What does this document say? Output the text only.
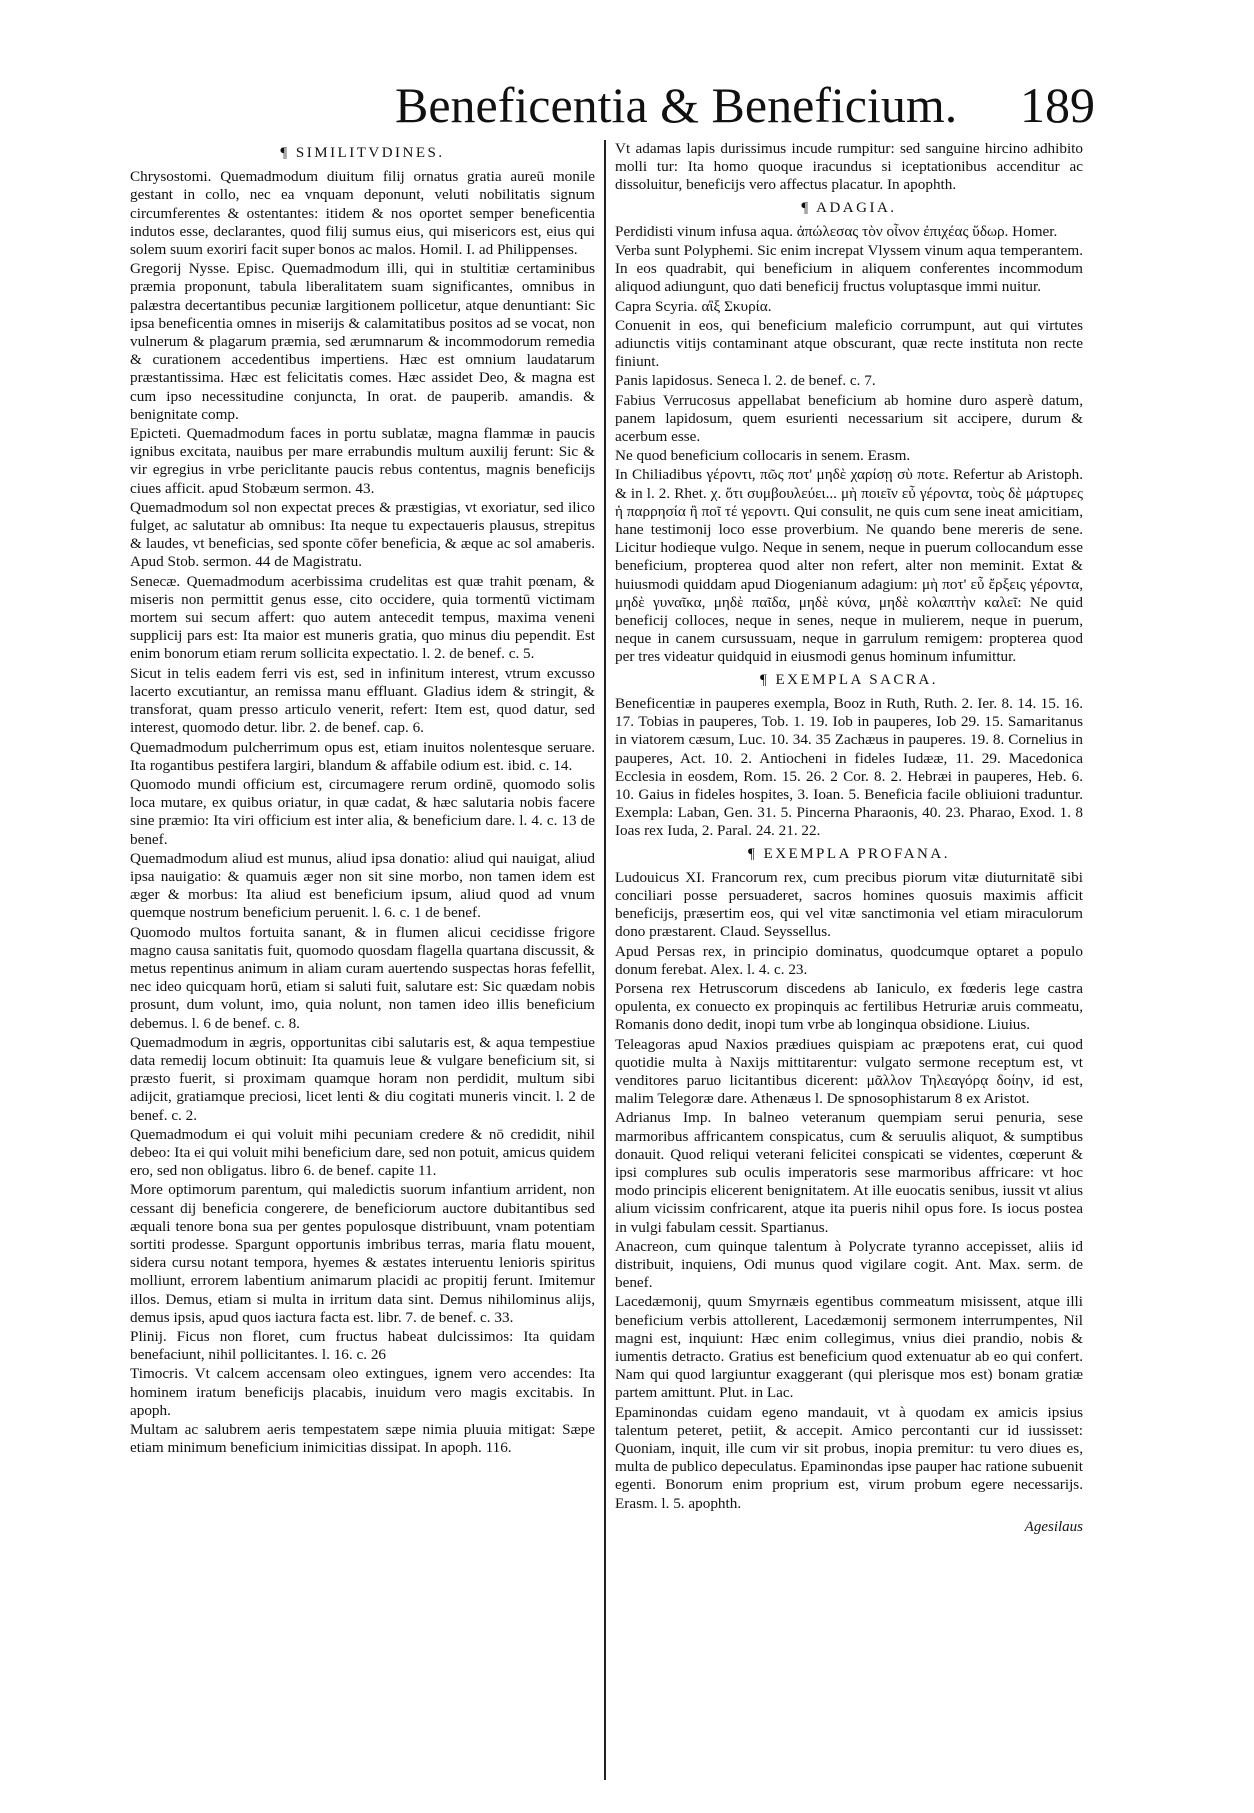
Beneficentia & Beneficium. 189
¶ SIMILITVDINES.
Chrysostomi. Quemadmodum diuitum filij ornatus gratia aureū monile gestant in collo, nec ea vnquam deponunt, veluti nobilitatis signum circumferentes & ostentantes: itidem & nos oportet semper beneficentia indutos esse, declarantes, quod filij sumus eius, qui misericors est, eius qui solem suum exoriri facit super bonos ac malos. Homil. I. ad Philippenses.
Gregorij Nysse. Episc. Quemadmodum illi, qui in stultitiæ certaminibus præmia proponunt, tabula liberalitatem suam significantes, omnibus in palæstra decertantibus pecuniæ largitionem pollicetur, atque denuntiant: Sic ipsa beneficentia omnes in miserijs & calamitatibus positos ad se vocat, non vulnerum & plagarum præmia, sed ærumnarum & incommodorum remedia & curationem accedentibus impertiens. Hæc est omnium laudatarum præstantissima. Hæc est felicitatis comes. Hæc assidet Deo, & magna est cum ipso necessitudine conjuncta, In orat. de pauperib. amandis. & benignitate comp.
Epicteti. Quemadmodum faces in portu sublatæ, magna flammæ in paucis ignibus excitata, nauibus per mare errabundis multum auxilij ferunt: Sic & vir egregius in vrbe periclitante paucis rebus contentus, magnis beneficijs ciues afficit. apud Stobæum sermon. 43.
Quemadmodum sol non expectat preces & præstigias, vt exoriatur, sed ilico fulget, ac salutatur ab omnibus: Ita neque tu expectaueris plausus, strepitus & laudes, vt beneficias, sed sponte cōfer beneficia, & æque ac sol amaberis. Apud Stob. sermon. 44 de Magistratu.
Senecæ. Quemadmodum acerbissima crudelitas est quæ trahit pœnam, & miseris non permittit genus esse, cito occidere, quia tormentū victimam mortem sui secum affert: quo autem antecedit tempus, maxima veneni supplicij pars est: Ita maior est muneris gratia, quo minus diu pependit. Est enim bonorum etiam rerum sollicita expectatio. l. 2. de benef. c. 5.
Sicut in telis eadem ferri vis est, sed in infinitum interest, vtrum excusso lacerto excutiantur, an remissa manu effluant. Gladius idem & stringit, & transforat, quam presso articulo venerit, refert: Item est, quod datur, sed interest, quomodo detur. libr. 2. de benef. cap. 6.
Quemadmodum pulcherrimum opus est, etiam inuitos nolentesque seruare. Ita rogantibus pestifera largiri, blandum & affabile odium est. ibid. c. 14.
Quomodo mundi officium est, circumagere rerum ordinē, quomodo solis loca mutare, ex quibus oriatur, in quæ cadat, & hæc salutaria nobis facere sine præmio: Ita viri officium est inter alia, & beneficium dare. l. 4. c. 13 de benef.
Quemadmodum aliud est munus, aliud ipsa donatio: aliud qui nauigat, aliud ipsa nauigatio: & quamuis æger non sit sine morbo, non tamen idem est æger & morbus: Ita aliud est beneficium ipsum, aliud quod ad vnum quemque nostrum beneficium peruenit. l. 6. c. 1 de benef.
Quomodo multos fortuita sanant, & in flumen alicui cecidisse frigore magno causa sanitatis fuit, quomodo quosdam flagella quartana discussit, & metus repentinus animum in aliam curam auertendo suspectas horas fefellit, nec ideo quicquam horū, etiam si saluti fuit, salutare est: Sic quædam nobis prosunt, dum volunt, imo, quia nolunt, non tamen ideo illis beneficium debemus. l. 6 de benef. c. 8.
Quemadmodum in ægris, opportunitas cibi salutaris est, & aqua tempestiue data remedij locum obtinuit: Ita quamuis leue & vulgare beneficium sit, si præsto fuerit, si proximam quamque horam non perdidit, multum sibi adijcit, gratiamque preciosi, licet lenti & diu cogitati muneris vincit. l. 2 de benef. c. 2.
Quemadmodum ei qui voluit mihi pecuniam credere & nō credidit, nihil debeo: Ita ei qui voluit mihi beneficium dare, sed non potuit, amicus quidem ero, sed non obligatus. libro 6. de benef. capite 11.
More optimorum parentum, qui maledictis suorum infantium arrident, non cessant dij beneficia congerere, de beneficiorum auctore dubitantibus sed æquali tenore bona sua per gentes populosque distribuunt, vnam potentiam sortiti prodesse. Spargunt opportunis imbribus terras, maria flatu mouent, sidera cursu notant tempora, hyemes & æstates interuentu lenioris spiritus molliunt, errorem labentium animarum placidi ac propitij ferunt. Imitemur illos. Demus, etiam si multa in irritum data sint. Demus nihilominus alijs, demus ipsis, apud quos iactura facta est. libr. 7. de benef. c. 33.
Plinij. Ficus non floret, cum fructus habeat dulcissimos: Ita quidam benefaciunt, nihil pollicitantes. l. 16. c. 26
Timocris. Vt calcem accensam oleo extingues, ignem vero accendes: Ita hominem iratum beneficijs placabis, inuidum vero magis excitabis. In apoph.
Multam ac salubrem aeris tempestatem sæpe nimia pluuia mitigat: Sæpe etiam minimum beneficium inimicitias dissipat. In apoph. 116.
Vt adamas lapis durissimus incude rumpitur: sed sanguine hircino adhibito molli tur: Ita homo quoque iracundus si iceptationibus accenditur ac dissoluitur, beneficijs vero affectus placatur. In apophth.
¶ ADAGIA.
Perdidisti vinum infusa aqua. ἀπώλεσας τὸν οἶνον ἐπιχέας ὕδωρ. Homer.
Verba sunt Polyphemi. Sic enim increpat Vlyssem vinum aqua temperantem. In eos quadrabit, qui beneficium in aliquem conferentes incommodum aliquod adiungunt, quo dati beneficij fructus voluptasque immi nuitur.
Capra Scyria. αἲξ Σκυρία.
Conuenit in eos, qui beneficium maleficio corrumpunt, aut qui virtutes adiunctis vitijs contaminant atque obscurant, quæ recte instituta non recte finiunt.
Panis lapidosus. Seneca l. 2. de benef. c. 7.
Fabius Verrucosus appellabat beneficium ab homine duro asperè datum, panem lapidosum, quem esurienti necessarium sit accipere, durum & acerbum esse.
Ne quod beneficium collocaris in senem. Erasm.
In Chiliadibus γέροντι, πῶς ποτ' μηδὲ χαρίσῃ σὺ ποτε. Refertur ab Aristoph. & in l. 2. Rhet. χ. ὅτι συμβουλεύει... μὴ ποιεῖν εὖ γέροντα, τοὺς δὲ μάρτυρες ἡ παρρησία ἢ ποῖ τέ γεροντι. Qui consulit, ne quis cum sene ineat amicitiam, hane testimonij loco esse proverbium. Ne quando bene mereris de sene. Licitur hodieque vulgo. Neque in senem, neque in puerum collocandum esse beneficium, propterea quod alter non refert, alter non meminit. Extat & huiusmodi quiddam apud Diogenianum adagium: μὴ ποτ' εὖ ἔρξεις γέροντα, μηδὲ γυναῖκα, μηδὲ παῖδα, μηδὲ κύνα, μηδὲ κολαπτὴν καλεῖ: Ne quid beneficij colloces, neque in senes, neque in mulierem, neque in puerum, neque in canem cursussuam, neque in garrulum remigem: propterea quod per tres videatur quidquid in eiusmodi genus hominum infumittur.
¶ EXEMPLA SACRA.
Beneficentiæ in pauperes exempla, Booz in Ruth, Ruth. 2. Ier. 8. 14. 15. 16. 17. Tobias in pauperes, Tob. 1. 19. Iob in pauperes, Iob 29. 15. Samaritanus in viatorem cæsum, Luc. 10. 34. 35 Zachæus in pauperes. 19. 8. Cornelius in pauperes, Act. 10. 2. Antiocheni in fideles Iudææ, 11. 29. Macedonica Ecclesia in eosdem, Rom. 15. 26. 2 Cor. 8. 2. Hebræi in pauperes, Heb. 6. 10. Gaius in fideles hospites, 3. Ioan. 5. Beneficia facile obliuioni traduntur. Exempla: Laban, Gen. 31. 5. Pincerna Pharaonis, 40. 23. Pharao, Exod. 1. 8 Ioas rex Iuda, 2. Paral. 24. 21. 22.
¶ EXEMPLA PROFANA.
Ludouicus XI. Francorum rex, cum precibus piorum vitæ diuturnitatē sibi conciliari posse persuaderet, sacros homines quosuis maximis afficit beneficijs, præsertim eos, qui vel vitæ sanctimonia vel etiam miraculorum dono præstarent. Claud. Seyssellus.
Apud Persas rex, in principio dominatus, quodcumque optaret a populo donum ferebat. Alex. l. 4. c. 23.
Porsena rex Hetruscorum discedens ab Ianiculo, ex fœderis lege castra opulenta, ex conuecto ex propinquis ac fertilibus Hetruriæ aruis commeatu, Romanis dono dedit, inopi tum vrbe ab longinqua obsidione. Liuius.
Teleagoras apud Naxios prædiues quispiam ac præpotens erat, cui quod quotidie multa à Naxijs mittitarentur: vulgato sermone receptum est, vt venditores paruo licitantibus dicerent: μᾶλλον Τηλεαγόρᾳ δοίην, id est, malim Telegoræ dare. Athenæus l. De spnosophistarum 8 ex Aristot.
Adrianus Imp. In balneo veteranum quempiam serui penuria, sese marmoribus affricantem conspicatus, cum & seruulis aliquot, & sumptibus donauit. Quod reliqui veterani felicitei conspicati se videntes, cœperunt & ipsi complures sub oculis imperatoris sese marmoribus affricare: vt hoc modo principis elicerent benignitatem. At ille euocatis senibus, iussit vt alius alium vicissim confricarent, atque ita pueris nihil opus fore. Is iocus postea in vulgi fabulam cessit. Spartianus.
Anacreon, cum quinque talentum à Polycrate tyranno accepisset, aliis id distribuit, inquiens, Odi munus quod vigilare cogit. Ant. Max. serm. de benef.
Lacedæmonij, quum Smyrnæis egentibus commeatum misissent, atque illi beneficium verbis attollerent, Lacedæmonij sermonem interrumpentes, Nil magni est, inquiunt: Hæc enim collegimus, vnius diei prandio, nobis & iumentis detracto. Gratius est beneficium quod extenuatur ab eo qui confert. Nam qui quod largiuntur exaggerant (qui plerisque mos est) bonam gratiæ partem amittunt. Plut. in Lac.
Epaminondas cuidam egeno mandauit, vt à quodam ex amicis ipsius talentum peteret, petiit, & accepit. Amico percontanti cur id iussisset: Quoniam, inquit, ille cum vir sit probus, inopia premitur: tu vero diues es, multa de publico depeculatus. Epaminondas ipse pauper hac ratione subuenit egenti. Bonorum enim proprium est, virum probum egere necessarijs. Erasm. l. 5. apophth.
Agesilaus
